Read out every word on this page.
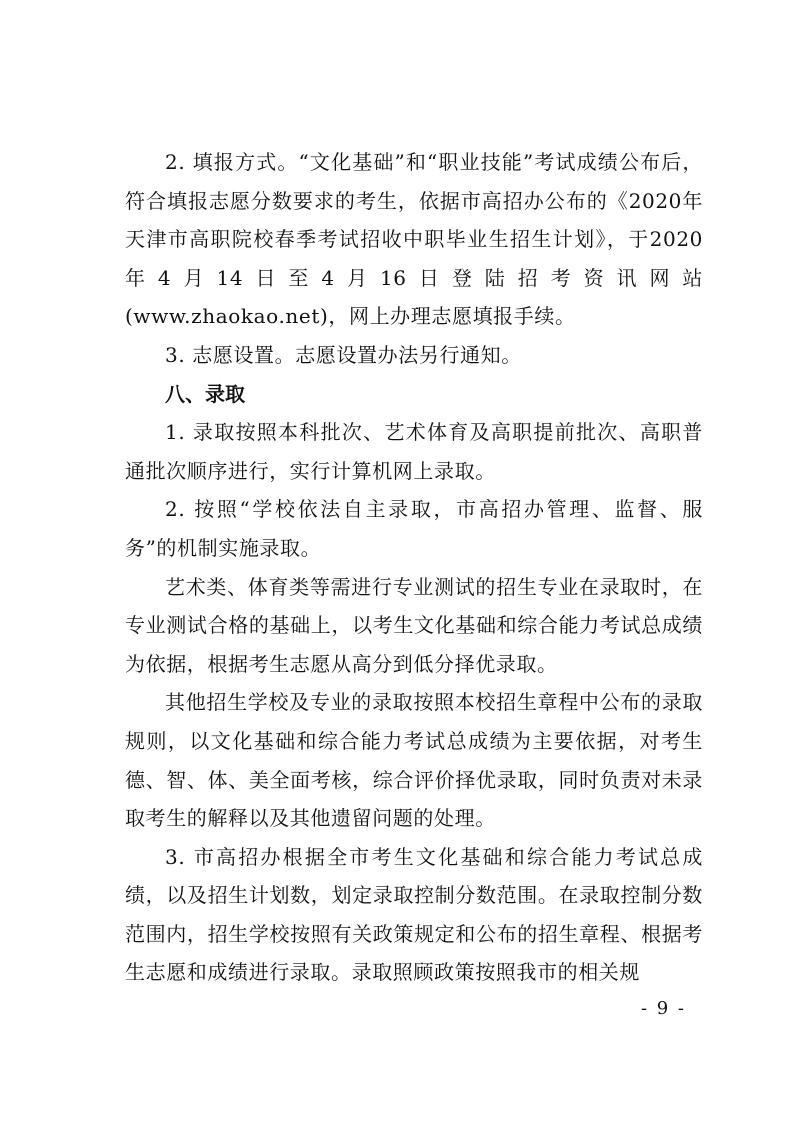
2. 填报方式。“文化基础”和“职业技能”考试成绩公布后，符合填报志愿分数要求的考生，依据市高招办公布的《2020年天津市高职院校春季考试招收中职毕业生招生计划》，于2020年4月14日至4月16日登陆招考资讯网站(www.zhaokao.net)，网上办理志愿填报手续。

3. 志愿设置。志愿设置办法另行通知。

八、录取

1. 录取按照本科批次、艺术体育及高职提前批次、高职普通批次顺序进行，实行计算机网上录取。

2. 按照“学校依法自主录取，市高招办管理、监督、服务”的机制实施录取。

艺术类、体育类等需进行专业测试的招生专业在录取时，在专业测试合格的基础上，以考生文化基础和综合能力考试总成绩为依据，根据考生志愿从高分到低分择优录取。

其他招生学校及专业的录取按照本校招生章程中公布的录取规则，以文化基础和综合能力考试总成绩为主要依据，对考生德、智、体、美全面考核，综合评价择优录取，同时负责对未录取考生的解释以及其他遗留问题的处理。

3. 市高招办根据全市考生文化基础和综合能力考试总成绩，以及招生计划数，划定录取控制分数范围。在录取控制分数范围内，招生学校按照有关政策规定和公布的招生章程、根据考生志愿和成绩进行录取。录取照顾政策按照我市的相关规

- 9 -
